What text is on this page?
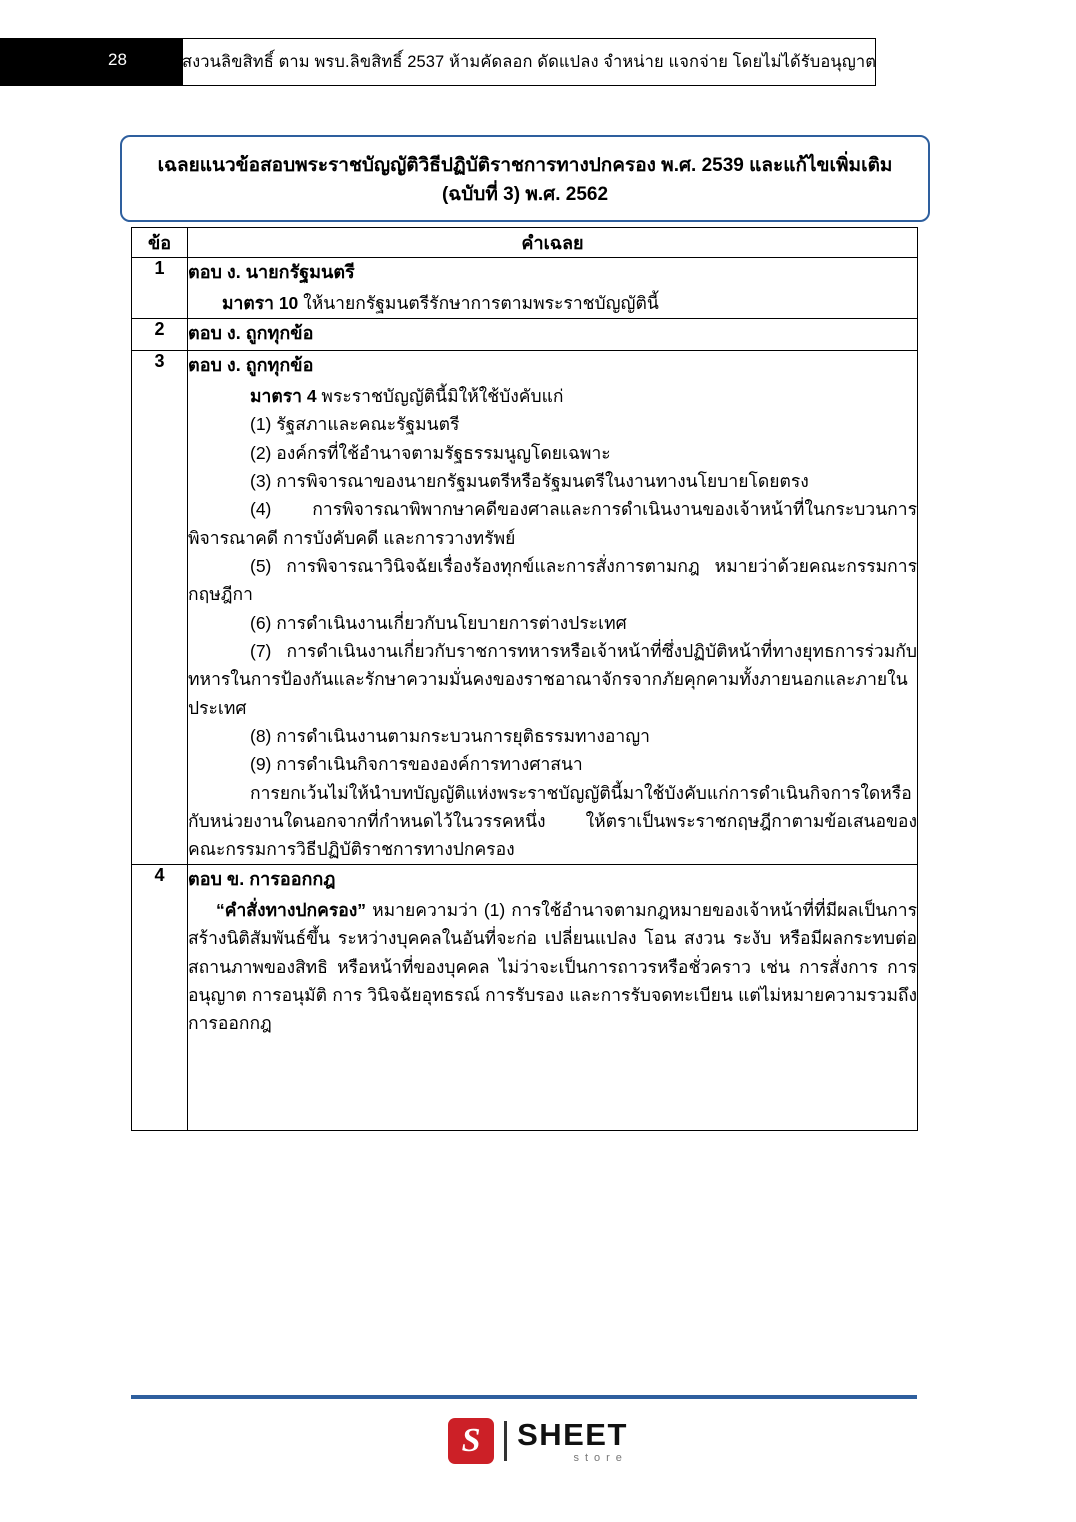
28	สงวนลิขสิทธิ์ ตาม พรบ.ลิขสิทธิ์ 2537 ห้ามคัดลอก ดัดแปลง จำหน่าย แจกจ่าย โดยไม่ได้รับอนุญาต
เฉลยแนวข้อสอบพระราชบัญญัติวิธีปฏิบัติราชการทางปกครอง พ.ศ. 2539 และแก้ไขเพิ่มเติม (ฉบับที่ 3) พ.ศ. 2562
ข้อ	คำเฉลย
1	ตอบ ง. นายกรัฐมนตรี

มาตรา 10 ให้นายกรัฐมนตรีรักษาการตามพระราชบัญญัตินี้

2	ตอบ ง. ถูกทุกข้อ

3	ตอบ ง. ถูกทุกข้อ

มาตรา 4 พระราชบัญญัตินี้มิให้ใช้บังคับแก่

(1) รัฐสภาและคณะรัฐมนตรี

(2) องค์กรที่ใช้อำนาจตามรัฐธรรมนูญโดยเฉพาะ

(3) การพิจารณาของนายกรัฐมนตรีหรือรัฐมนตรีในงานทางนโยบายโดยตรง

(4) การพิจารณาพิพากษาคดีของศาลและการดำเนินงานของเจ้าหน้าที่ในกระบวนการพิจารณาคดี การบังคับคดี และการวางทรัพย์

(5) การพิจารณาวินิจฉัยเรื่องร้องทุกข์และการสั่งการตามกฎ หมายว่าด้วยคณะกรรมการกฤษฎีกา

(6) การดำเนินงานเกี่ยวกับนโยบายการต่างประเทศ

(7) การดำเนินงานเกี่ยวกับราชการทหารหรือเจ้าหน้าที่ซึ่งปฏิบัติหน้าที่ทางยุทธการร่วมกับทหารในการป้องกันและรักษาความมั่นคงของราชอาณาจักรจากภัยคุกคามทั้งภายนอกและภายในประเทศ

(8) การดำเนินงานตามกระบวนการยุติธรรมทางอาญา

(9) การดำเนินกิจการขององค์การทางศาสนา

การยกเว้นไม่ให้นำบทบัญญัติแห่งพระราชบัญญัตินี้มาใช้บังคับแก่การดำเนินกิจการใดหรือกับหน่วยงานใดนอกจากที่กำหนดไว้ในวรรคหนึ่ง ให้ตราเป็นพระราชกฤษฎีกาตามข้อเสนอของคณะกรรมการวิธีปฏิบัติราชการทางปกครอง

4	ตอบ ข. การออกกฎ

“คำสั่งทางปกครอง” หมายความว่า (1) การใช้อำนาจตามกฎหมายของเจ้าหน้าที่ที่มีผลเป็นการสร้างนิติสัมพันธ์ขึ้น ระหว่างบุคคลในอันที่จะก่อ เปลี่ยนแปลง โอน สงวน ระงับ หรือมีผลกระทบต่อสถานภาพของสิทธิ หรือหน้าที่ของบุคคล ไม่ว่าจะเป็นการถาวรหรือชั่วคราว เช่น การสั่งการ การอนุญาต การอนุมัติ การ วินิจฉัยอุทธรณ์ การรับรอง และการรับจดทะเบียน แต่ไม่หมายความรวมถึงการออกกฎ

S	SHEET
store
